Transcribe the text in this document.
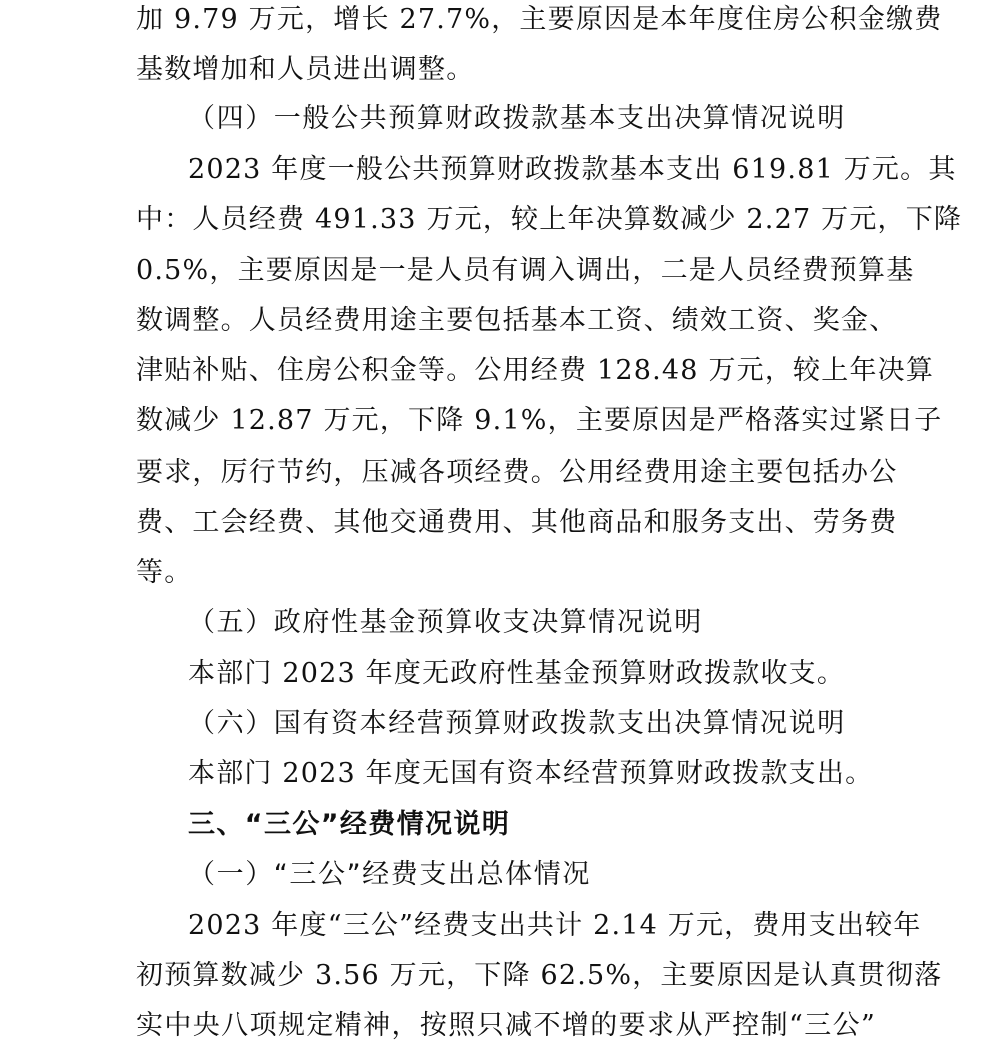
加 9.79 万元，增长 27.7%，主要原因是本年度住房公积金缴费
基数增加和人员进出调整。
（四）一般公共预算财政拨款基本支出决算情况说明
2023 年度一般公共预算财政拨款基本支出 619.81 万元。其
中：人员经费 491.33 万元，较上年决算数减少 2.27 万元，下降
0.5%，主要原因是一是人员有调入调出，二是人员经费预算基
数调整。人员经费用途主要包括基本工资、绩效工资、奖金、
津贴补贴、住房公积金等。公用经费 128.48 万元，较上年决算
数减少 12.87 万元，下降 9.1%，主要原因是严格落实过紧日子
要求，厉行节约，压减各项经费。公用经费用途主要包括办公
费、工会经费、其他交通费用、其他商品和服务支出、劳务费
等。
（五）政府性基金预算收支决算情况说明
本部门 2023 年度无政府性基金预算财政拨款收支。
（六）国有资本经营预算财政拨款支出决算情况说明
本部门 2023 年度无国有资本经营预算财政拨款支出。
三、“三公”经费情况说明
（一）“三公”经费支出总体情况
2023 年度“三公”经费支出共计 2.14 万元，费用支出较年
初预算数减少 3.56 万元，下降 62.5%，主要原因是认真贯彻落
实中央八项规定精神，按照只减不增的要求从严控制“三公”
